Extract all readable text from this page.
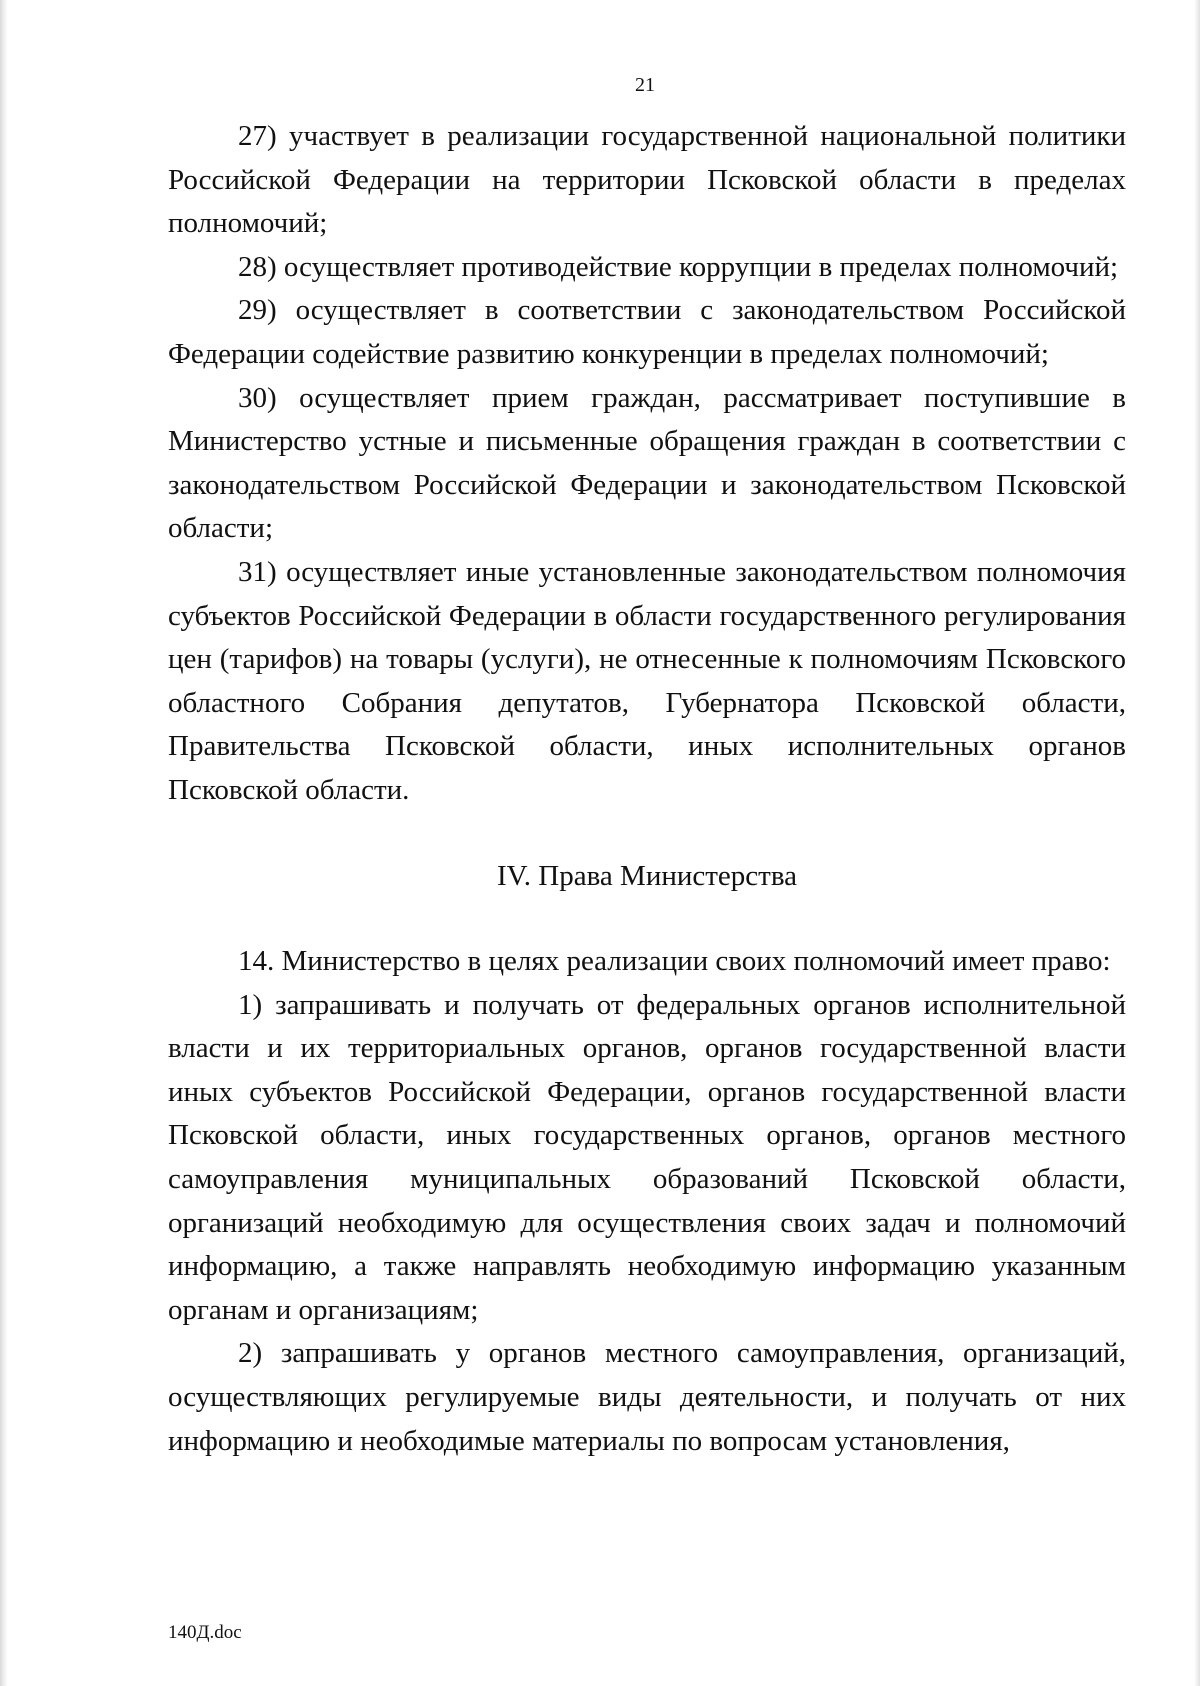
21

27) участвует в реализации государственной национальной политики Российской Федерации на территории Псковской области в пределах полномочий;

28) осуществляет противодействие коррупции в пределах полномочий;

29) осуществляет в соответствии с законодательством Российской Федерации содействие развитию конкуренции в пределах полномочий;

30) осуществляет прием граждан, рассматривает поступившие в Министерство устные и письменные обращения граждан в соответствии с законодательством Российской Федерации и законодательством Псковской области;

31) осуществляет иные установленные законодательством полномочия субъектов Российской Федерации в области государственного регулирования цен (тарифов) на товары (услуги), не отнесенные к полномочиям Псковского областного Собрания депутатов, Губернатора Псковской области, Правительства Псковской области, иных исполнительных органов Псковской области.

IV. Права Министерства

14. Министерство в целях реализации своих полномочий имеет право:

1) запрашивать и получать от федеральных органов исполнительной власти и их территориальных органов, органов государственной власти иных субъектов Российской Федерации, органов государственной власти Псковской области, иных государственных органов, органов местного самоуправления муниципальных образований Псковской области, организаций необходимую для осуществления своих задач и полномочий информацию, а также направлять необходимую информацию указанным органам и организациям;

2) запрашивать у органов местного самоуправления, организаций, осуществляющих регулируемые виды деятельности, и получать от них информацию и необходимые материалы по вопросам установления,

140Д.doc
